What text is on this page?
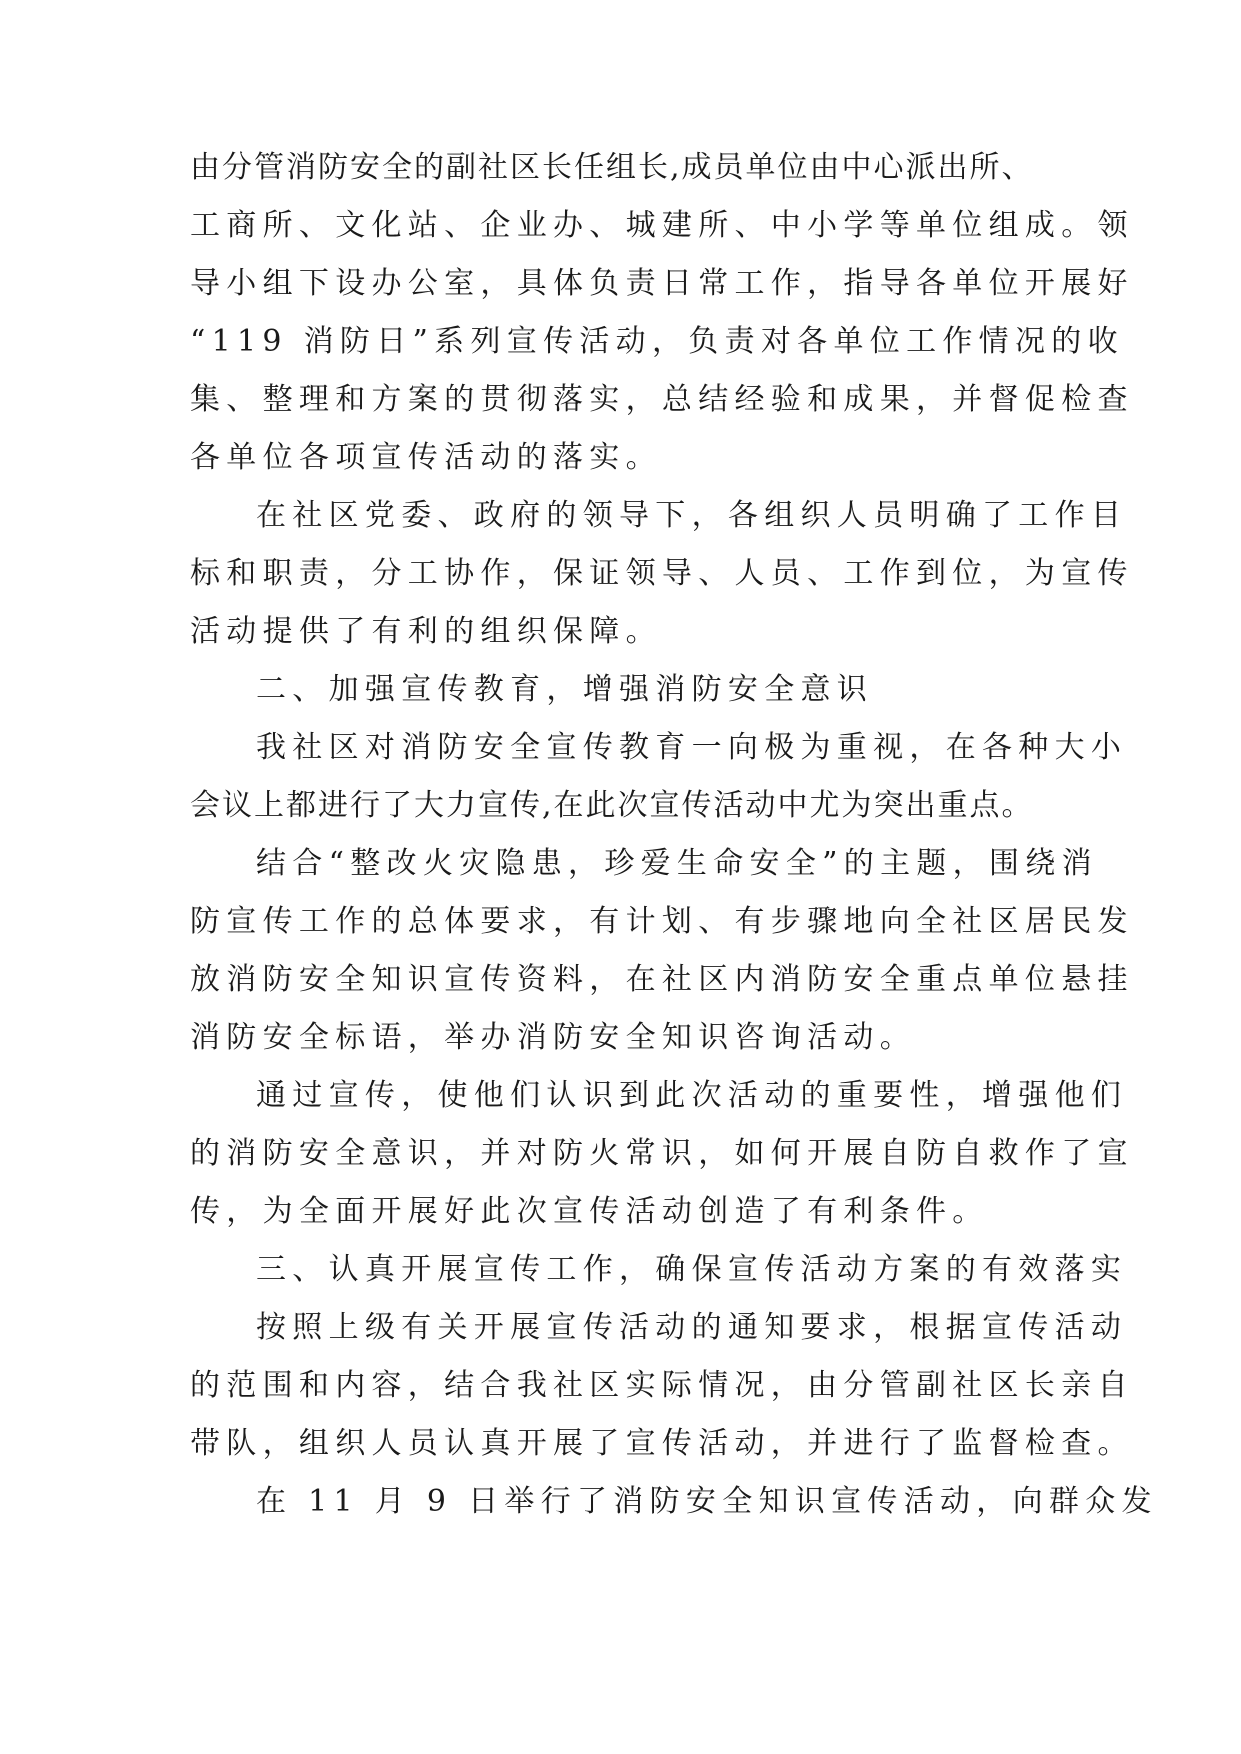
由分管消防安全的副社区长任组长,成员单位由中心派出所、
工商所、文化站、企业办、城建所、中小学等单位组成。领
导小组下设办公室，具体负责日常工作，指导各单位开展好
“119 消防日”系列宣传活动，负责对各单位工作情况的收
集、整理和方案的贯彻落实，总结经验和成果，并督促检查
各单位各项宣传活动的落实。
在社区党委、政府的领导下，各组织人员明确了工作目
标和职责，分工协作，保证领导、人员、工作到位，为宣传
活动提供了有利的组织保障。
二、加强宣传教育，增强消防安全意识
我社区对消防安全宣传教育一向极为重视，在各种大小
会议上都进行了大力宣传,在此次宣传活动中尤为突出重点。
结合“整改火灾隐患，珍爱生命安全”的主题，围绕消
防宣传工作的总体要求，有计划、有步骤地向全社区居民发
放消防安全知识宣传资料，在社区内消防安全重点单位悬挂
消防安全标语，举办消防安全知识咨询活动。
通过宣传，使他们认识到此次活动的重要性，增强他们
的消防安全意识，并对防火常识，如何开展自防自救作了宣
传，为全面开展好此次宣传活动创造了有利条件。
三、认真开展宣传工作，确保宣传活动方案的有效落实
按照上级有关开展宣传活动的通知要求，根据宣传活动
的范围和内容，结合我社区实际情况，由分管副社区长亲自
带队，组织人员认真开展了宣传活动，并进行了监督检查。
在 11 月 9 日举行了消防安全知识宣传活动，向群众发
